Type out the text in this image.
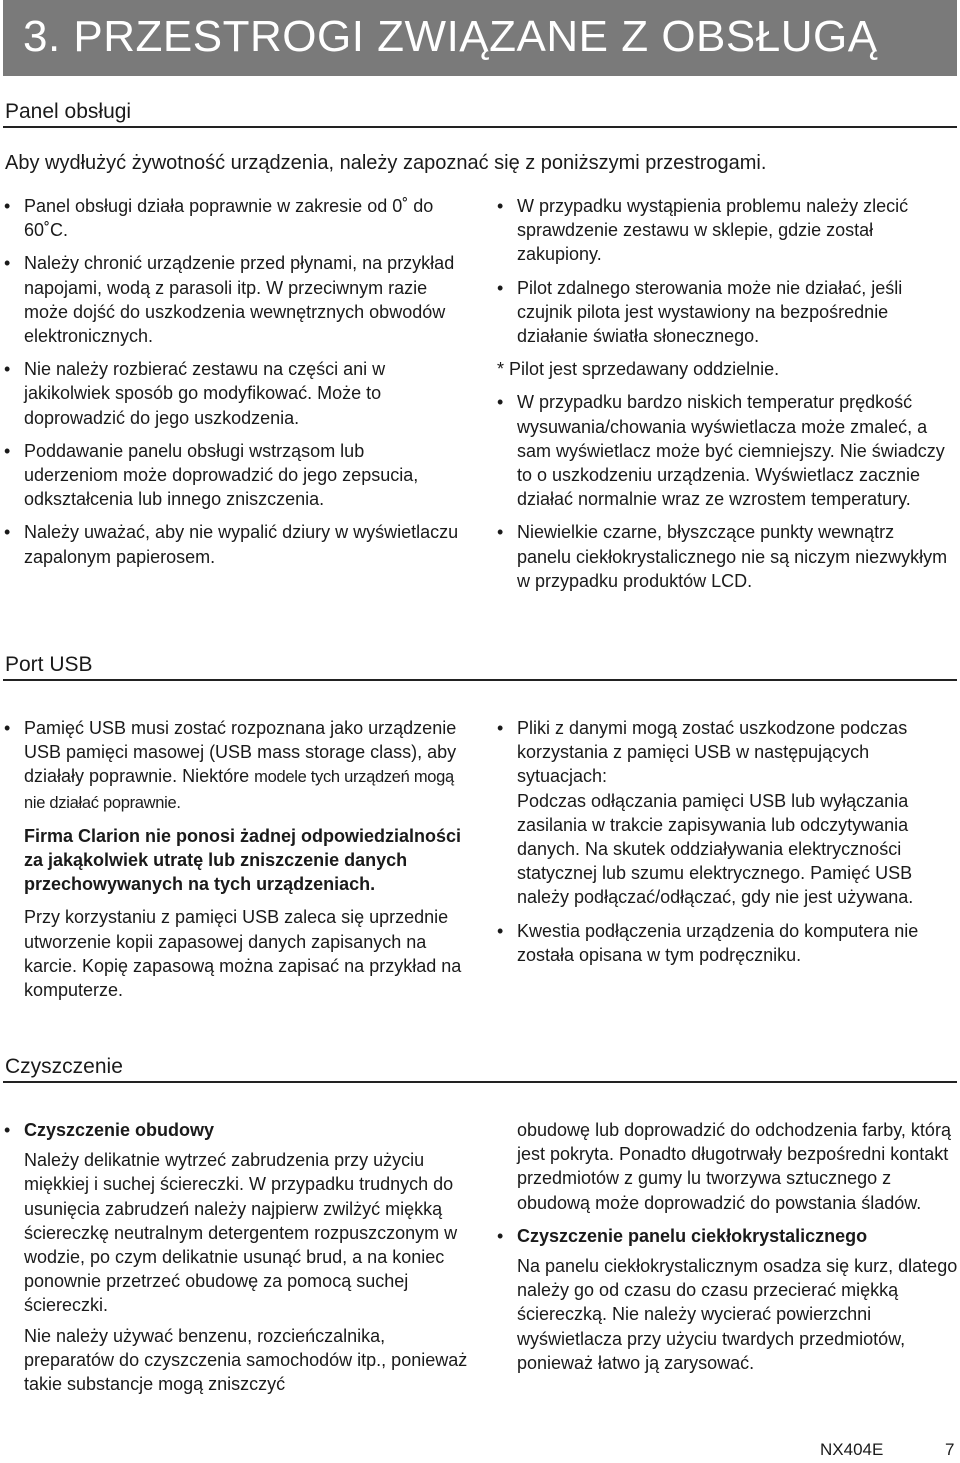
3. PRZESTROGI ZWIĄZANE Z OBSŁUGĄ
Panel obsługi

Aby wydłużyć żywotność urządzenia, należy zapoznać się z poniższymi przestrogami.

• Panel obsługi działa poprawnie w zakresie od 0˚ do 60˚C.
• Należy chronić urządzenie przed płynami, na przykład napojami, wodą z parasoli itp. W przeciwnym razie może dojść do uszkodzenia wewnętrznych obwodów elektronicznych.
• Nie należy rozbierać zestawu na części ani w jakikolwiek sposób go modyfikować. Może to doprowadzić do jego uszkodzenia.
• Poddawanie panelu obsługi wstrząsom lub uderzeniom może doprowadzić do jego zepsucia, odkształcenia lub innego zniszczenia.
• Należy uważać, aby nie wypalić dziury w wyświetlaczu zapalonym papierosem.
• W przypadku wystąpienia problemu należy zlecić sprawdzenie zestawu w sklepie, gdzie został zakupiony.
• Pilot zdalnego sterowania może nie działać, jeśli czujnik pilota jest wystawiony na bezpośrednie działanie światła słonecznego.
* Pilot jest sprzedawany oddzielnie.
• W przypadku bardzo niskich temperatur prędkość wysuwania/chowania wyświetlacza może zmaleć, a sam wyświetlacz może być ciemniejszy. Nie świadczy to o uszkodzeniu urządzenia. Wyświetlacz zacznie działać normalnie wraz ze wzrostem temperatury.
• Niewielkie czarne, błyszczące punkty wewnątrz panelu ciekłokrystalicznego nie są niczym niezwykłym w przypadku produktów LCD.
Port USB
• Pamięć USB musi zostać rozpoznana jako urządzenie USB pamięci masowej (USB mass storage class), aby działały poprawnie. Niektóre modele tych urządzeń mogą nie działać poprawnie.

Firma Clarion nie ponosi żadnej odpowiedzialności za jakąkolwiek utratę lub zniszczenie danych przechowywanych na tych urządzeniach.

Przy korzystaniu z pamięci USB zaleca się uprzednie utworzenie kopii zapasowej danych zapisanych na karcie. Kopię zapasową można zapisać na przykład na komputerze.

• Pliki z danymi mogą zostać uszkodzone podczas korzystania z pamięci USB w następujących sytuacjach:

Podczas odłączania pamięci USB lub wyłączania zasilania w trakcie zapisywania lub odczytywania danych. Na skutek oddziaływania elektryczności statycznej lub szumu elektrycznego. Pamięć USB należy podłączać/odłączać, gdy nie jest używana.

• Kwestia podłączenia urządzenia do komputera nie została opisana w tym podręczniku.
Czyszczenie

• Czyszczenie obudowy

Należy delikatnie wytrzeć zabrudzenia przy użyciu miękkiej i suchej ściereczki. W przypadku trudnych do usunięcia zabrudzeń należy najpierw zwilżyć miękką ściereczkę neutralnym detergentem rozpuszczonym w wodzie, po czym delikatnie usunąć brud, a na koniec ponownie przetrzeć obudowę za pomocą suchej ściereczki.

Nie należy używać benzenu, rozcieńczalnika, preparatów do czyszczenia samochodów itp., ponieważ takie substancje mogą zniszczyć

obudowę lub doprowadzić do odchodzenia farby, którą jest pokryta. Ponadto długotrwały bezpośredni kontakt przedmiotów z gumy lu tworzywa sztucznego z obudową może doprowadzić do powstania śladów.

• Czyszczenie panelu ciekłokrystalicznego

Na panelu ciekłokrystalicznym osadza się kurz, dlatego należy go od czasu do czasu przecierać miękką ściereczką. Nie należy wycierać powierzchni wyświetlacza przy użyciu twardych przedmiotów, ponieważ łatwo ją zarysować.

NX404E	7
